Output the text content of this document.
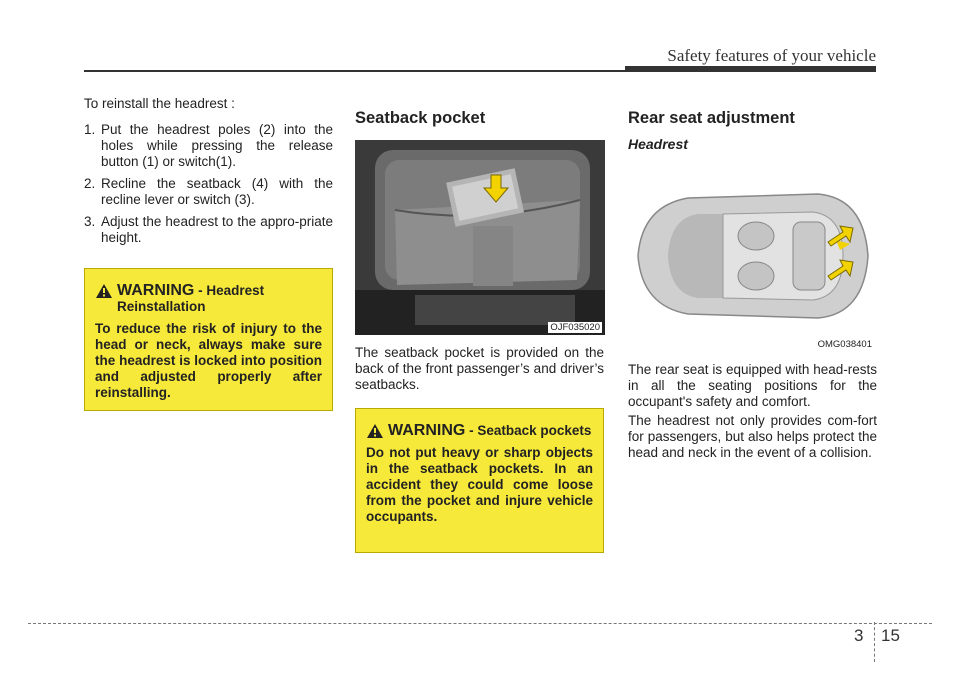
Safety features of your vehicle

To reinstall the headrest :

1. Put the headrest poles (2) into the holes while pressing the release button (1) or switch(1).
2. Recline the seatback (4) with the recline lever or switch (3).
3. Adjust the headrest to the appro-priate height.
WARNING - Headrest Reinstallation
To reduce the risk of injury to the head or neck, always make sure the headrest is locked into position and adjusted properly after reinstalling.
Seatback pocket
OJF035020

The seatback pocket is provided on the back of the front passenger’s and driver’s seatbacks.

WARNING - Seatback pockets
Do not put heavy or sharp objects in the seatback pockets. In an accident they could come loose from the pocket and injure vehicle occupants.
Rear seat adjustment
Headrest
OMG038401

The rear seat is equipped with head-rests in all the seating positions for the occupant's safety and comfort.

The headrest not only provides com-fort for passengers, but also helps protect the head and neck in the event of a collision.

3 15
